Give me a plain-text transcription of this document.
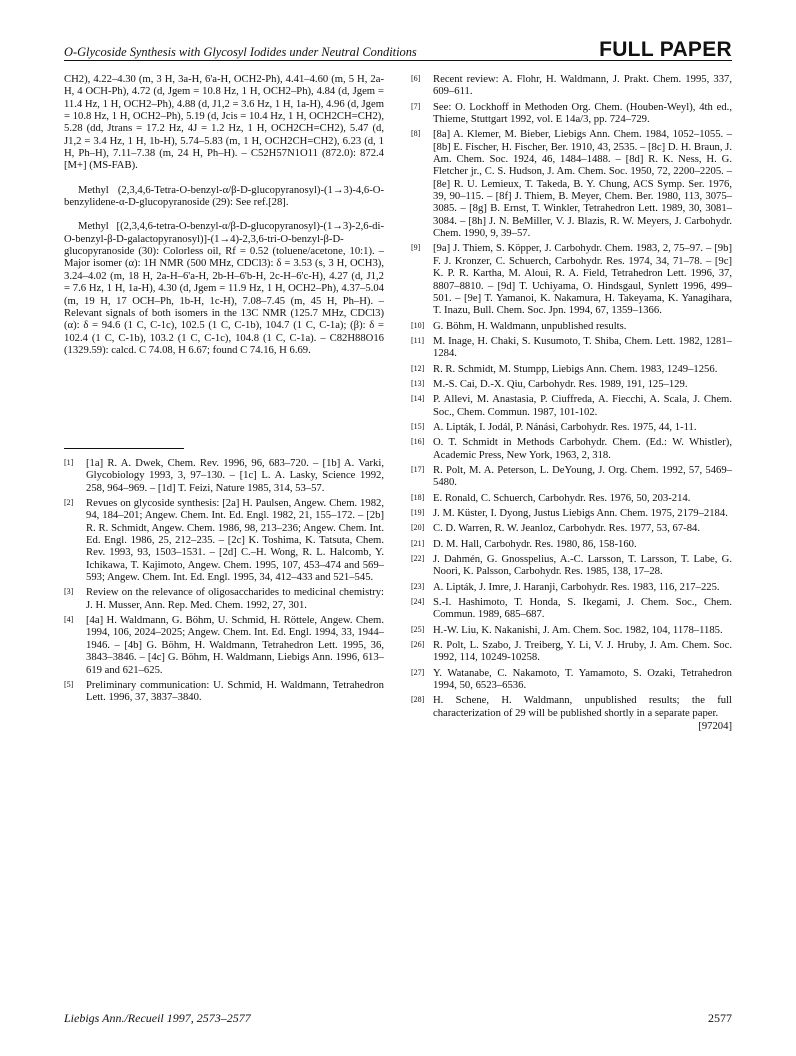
O-Glycoside Synthesis with Glycosyl Iodides under Neutral Conditions	FULL PAPER

CH2), 4.22–4.30 (m, 3 H, 3a-H, 6'a-H, OCH2-Ph), 4.41–4.60 (m, 5 H, 2a-H, 4 OCH-Ph), 4.72 (d, Jgem = 10.8 Hz, 1 H, OCH2–Ph), 4.84 (d, Jgem = 11.4 Hz, 1 H, OCH2–Ph), 4.88 (d, J1,2 = 3.6 Hz, 1 H, 1a-H), 4.96 (d, Jgem = 10.8 Hz, 1 H, OCH2–Ph), 5.19 (d, Jcis = 10.4 Hz, 1 H, OCH2CH=CH2), 5.28 (dd, Jtrans = 17.2 Hz, 4J = 1.2 Hz, 1 H, OCH2CH=CH2), 5.47 (d, J1,2 = 3.4 Hz, 1 H, 1b-H), 5.74–5.83 (m, 1 H, OCH2CH=CH2), 6.23 (d, 1 H, Ph–H), 7.11–7.38 (m, 24 H, Ph–H). – C52H57N1O11 (872.0): 872.4 [M+] (MS-FAB).

Methyl (2,3,4,6-Tetra-O-benzyl-α/β-D-glucopyranosyl)-(1→3)-4,6-O-benzylidene-α-D-glucopyranoside (29): See ref.[28].

Methyl [(2,3,4,6-tetra-O-benzyl-α/β-D-glucopyranosyl)-(1→3)-2,6-di-O-benzyl-β-D-galactopyranosyl)]-(1→4)-2,3,6-tri-O-benzyl-β-D-glucopyranoside (30): Colorless oil, Rf = 0.52 (toluene/acetone, 10:1). – Major isomer (α): 1H NMR (500 MHz, CDCl3): δ = 3.53 (s, 3 H, OCH3), 3.24–4.02 (m, 18 H, 2a-H–6'a-H, 2b-H–6'b-H, 2c-H–6'c-H), 4.27 (d, J1,2 = 7.6 Hz, 1 H, 1a-H), 4.30 (d, Jgem = 11.9 Hz, 1 H, OCH2–Ph), 4.37–5.04 (m, 19 H, 17 OCH–Ph, 1b-H, 1c-H), 7.08–7.45 (m, 45 H, Ph–H). – Relevant signals of both isomers in the 13C NMR (125.7 MHz, CDCl3) (α): δ = 94.6 (1 C, C-1c), 102.5 (1 C, C-1b), 104.7 (1 C, C-1a); (β): δ = 102.4 (1 C, C-1b), 103.2 (1 C, C-1c), 104.8 (1 C, C-1a). – C82H88O16 (1329.59): calcd. C 74.08, H 6.67; found C 74.16, H 6.69.

[1] [1a] R. A. Dwek, Chem. Rev. 1996, 96, 683–720. – [1b] A. Varki, Glycobiology 1993, 3, 97–130. – [1c] L. A. Lasky, Science 1992, 258, 964–969. – [1d] T. Feizi, Nature 1985, 314, 53–57.
[2] Revues on glycoside synthesis: [2a] H. Paulsen, Angew. Chem. 1982, 94, 184–201; Angew. Chem. Int. Ed. Engl. 1982, 21, 155–172. – [2b] R. R. Schmidt, Angew. Chem. 1986, 98, 213–236; Angew. Chem. Int. Ed. Engl. 1986, 25, 212–235. – [2c] K. Toshima, K. Tatsuta, Chem. Rev. 1993, 93, 1503–1531. – [2d] C.–H. Wong, R. L. Halcomb, Y. Ichikawa, T. Kajimoto, Angew. Chem. 1995, 107, 453–474 and 569–593; Angew. Chem. Int. Ed. Engl. 1995, 34, 412–433 and 521–545.
[3] Review on the relevance of oligosaccharides to medicinal chemistry: J. H. Musser, Ann. Rep. Med. Chem. 1992, 27, 301.
[4] [4a] H. Waldmann, G. Böhm, U. Schmid, H. Röttele, Angew. Chem. 1994, 106, 2024–2025; Angew. Chem. Int. Ed. Engl. 1994, 33, 1944–1946. – [4b] G. Böhm, H. Waldmann, Tetrahedron Lett. 1995, 36, 3843–3846. – [4c] G. Böhm, H. Waldmann, Liebigs Ann. 1996, 613–619 and 621–625.
[5] Preliminary communication: U. Schmid, H. Waldmann, Tetrahedron Lett. 1996, 37, 3837–3840.
[6] Recent review: A. Flohr, H. Waldmann, J. Prakt. Chem. 1995, 337, 609–611.
[7] See: O. Lockhoff in Methoden Org. Chem. (Houben-Weyl), 4th ed., Thieme, Stuttgart 1992, vol. E 14a/3, pp. 724–729.
[8] [8a] A. Klemer, M. Bieber, Liebigs Ann. Chem. 1984, 1052–1055. – [8b] E. Fischer, H. Fischer, Ber. 1910, 43, 2535. – [8c] D. H. Braun, J. Am. Chem. Soc. 1924, 46, 1484–1488. – [8d] R. K. Ness, H. G. Fletcher jr., C. S. Hudson, J. Am. Chem. Soc. 1950, 72, 2200–2205. – [8e] R. U. Lemieux, T. Takeda, B. Y. Chung, ACS Symp. Ser. 1976, 39, 90–115. – [8f] J. Thiem, B. Meyer, Chem. Ber. 1980, 113, 3075–3085. – [8g] B. Ernst, T. Winkler, Tetrahedron Lett. 1989, 30, 3081–3084. – [8h] J. N. BeMiller, V. J. Blazis, R. W. Meyers, J. Carbohydr. Chem. 1990, 9, 39–57.
[9] [9a] J. Thiem, S. Köpper, J. Carbohydr. Chem. 1983, 2, 75–97. – [9b] F. J. Kronzer, C. Schuerch, Carbohydr. Res. 1974, 34, 71–78. – [9c] K. P. R. Kartha, M. Aloui, R. A. Field, Tetrahedron Lett. 1996, 37, 8807–8810. – [9d] T. Uchiyama, O. Hindsgaul, Synlett 1996, 499–501. – [9e] T. Yamanoi, K. Nakamura, H. Takeyama, K. Yanagihara, T. Inazu, Bull. Chem. Soc. Jpn. 1994, 67, 1359–1366.
[10] G. Böhm, H. Waldmann, unpublished results.
[11] M. Inage, H. Chaki, S. Kusumoto, T. Shiba, Chem. Lett. 1982, 1281–1284.
[12] R. R. Schmidt, M. Stumpp, Liebigs Ann. Chem. 1983, 1249–1256.
[13] M.-S. Cai, D.-X. Qiu, Carbohydr. Res. 1989, 191, 125–129.
[14] P. Allevi, M. Anastasia, P. Ciuffreda, A. Fiecchi, A. Scala, J. Chem. Soc., Chem. Commun. 1987, 101-102.
[15] A. Lipták, I. Jodál, P. Nánási, Carbohydr. Res. 1975, 44, 1-11.
[16] O. T. Schmidt in Methods Carbohydr. Chem. (Ed.: W. Whistler), Academic Press, New York, 1963, 2, 318.
[17] R. Polt, M. A. Peterson, L. DeYoung, J. Org. Chem. 1992, 57, 5469–5480.
[18] E. Ronald, C. Schuerch, Carbohydr. Res. 1976, 50, 203-214.
[19] J. M. Küster, I. Dyong, Justus Liebigs Ann. Chem. 1975, 2179–2184.
[20] C. D. Warren, R. W. Jeanloz, Carbohydr. Res. 1977, 53, 67-84.
[21] D. M. Hall, Carbohydr. Res. 1980, 86, 158-160.
[22] J. Dahmén, G. Gnosspelius, A.-C. Larsson, T. Larsson, T. Labe, G. Noori, K. Palsson, Carbohydr. Res. 1985, 138, 17–28.
[23] A. Lipták, J. Imre, J. Haranji, Carbohydr. Res. 1983, 116, 217–225.
[24] S.-I. Hashimoto, T. Honda, S. Ikegami, J. Chem. Soc., Chem. Commun. 1989, 685–687.
[25] H.-W. Liu, K. Nakanishi, J. Am. Chem. Soc. 1982, 104, 1178–1185.
[26] R. Polt, L. Szabo, J. Treiberg, Y. Li, V. J. Hruby, J. Am. Chem. Soc. 1992, 114, 10249-10258.
[27] Y. Watanabe, C. Nakamoto, T. Yamamoto, S. Ozaki, Tetrahedron 1994, 50, 6523–6536.
[28] H. Schene, H. Waldmann, unpublished results; the full characterization of 29 will be published shortly in a separate paper.
[97204]
Liebigs Ann./Recueil 1997, 2573–2577	2577
